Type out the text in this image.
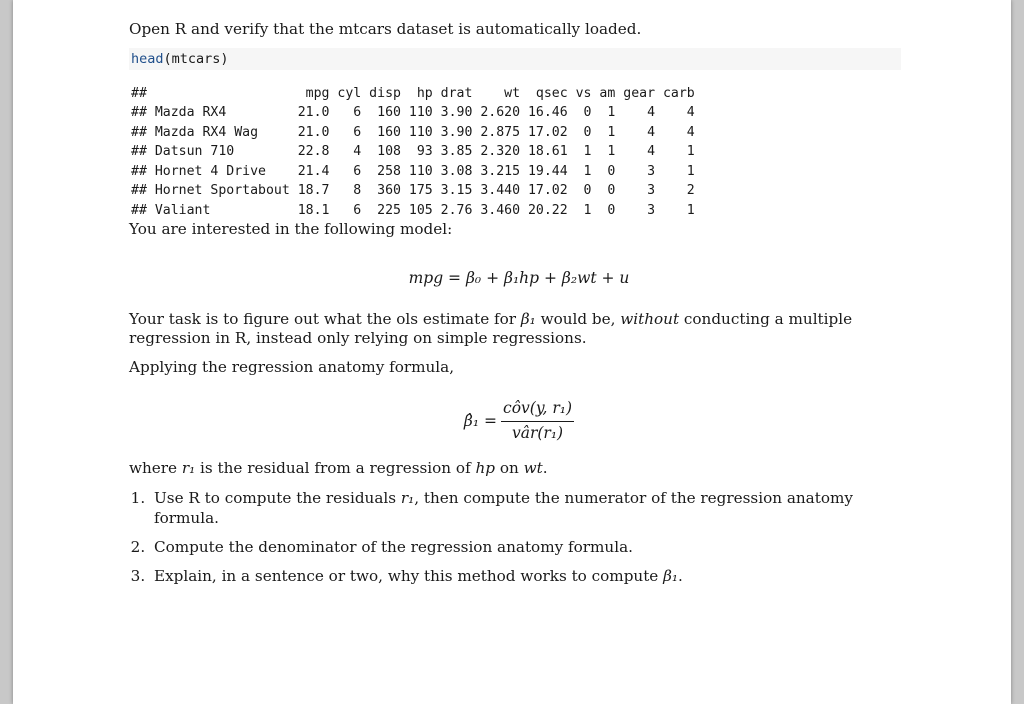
Open R and verify that the mtcars dataset is automatically loaded.

head(mtcars)
##                    mpg cyl disp  hp drat    wt  qsec vs am gear carb
## Mazda RX4         21.0   6  160 110 3.90 2.620 16.46  0  1    4    4
## Mazda RX4 Wag     21.0   6  160 110 3.90 2.875 17.02  0  1    4    4
## Datsun 710        22.8   4  108  93 3.85 2.320 18.61  1  1    4    1
## Hornet 4 Drive    21.4   6  258 110 3.08 3.215 19.44  1  0    3    1
## Hornet Sportabout 18.7   8  360 175 3.15 3.440 17.02  0  0    3    2
## Valiant           18.1   6  225 105 2.76 3.460 20.22  1  0    3    1

You are interested in the following model:

mpg = β₀ + β₁hp + β₂wt + u

Your task is to figure out what the ols estimate for β₁ would be, without conducting a multiple regression in R, instead only relying on simple regressions.

Applying the regression anatomy formula,

β̂₁ = $\frac{\text{côv(y, r₁)}}{\text{vâr(r₁)}}$

where r₁ is the residual from a regression of hp on wt.

1. Use R to compute the residuals r₁, then compute the numerator of the regression anatomy formula.
2. Compute the denominator of the regression anatomy formula.
3. Explain, in a sentence or two, why this method works to compute β₁.
